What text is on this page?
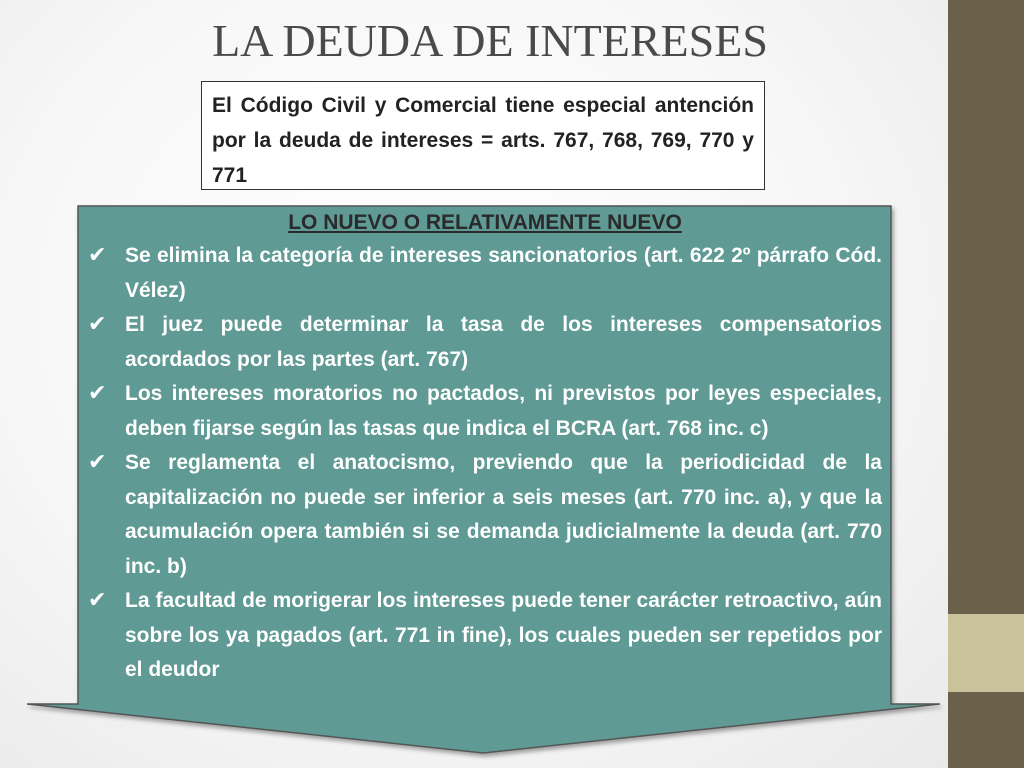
LA DEUDA DE INTERESES
El Código Civil y Comercial tiene especial antención por la deuda de intereses = arts. 767, 768, 769, 770 y 771
LO NUEVO O RELATIVAMENTE NUEVO
✔ Se elimina la categoría de intereses sancionatorios (art. 622 2º párrafo Cód. Vélez)
✔ El juez puede determinar la tasa de los intereses compensatorios acordados por las partes (art. 767)
✔ Los intereses moratorios no pactados, ni previstos por leyes especiales, deben fijarse según las tasas que indica el BCRA (art. 768 inc. c)
✔ Se reglamenta el anatocismo, previendo que la periodicidad de la capitalización no puede ser inferior a seis meses (art. 770 inc. a), y que la acumulación opera también si se demanda judicialmente la deuda (art. 770 inc. b)
✔ La facultad de morigerar los intereses puede tener carácter retroactivo, aún sobre los ya pagados (art. 771 in fine), los cuales pueden ser repetidos por el deudor
